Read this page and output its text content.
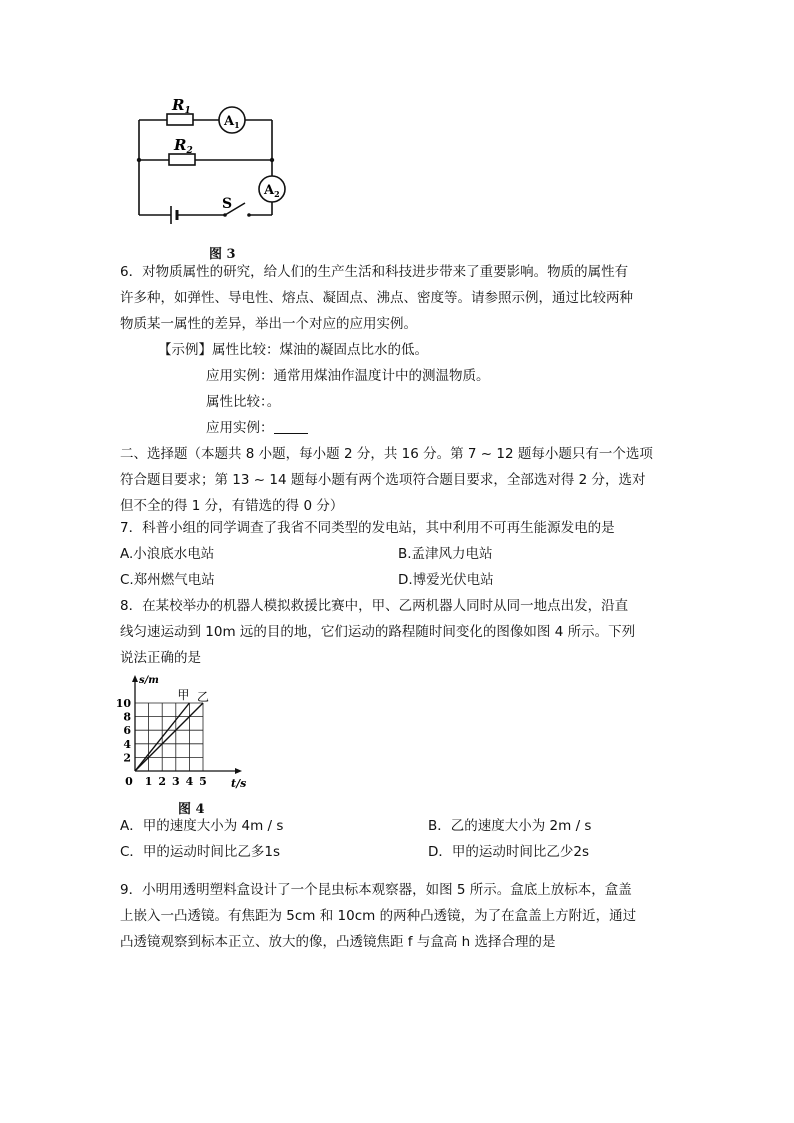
$R_1$
$R_2$
$A_1$
$A_2$
S
图 3
6．对物质属性的研究，给人们的生产生活和科技进步带来了重要影响。物质的属性有
许多种，如弹性、导电性、熔点、凝固点、沸点、密度等。请参照示例，通过比较两种
物质某一属性的差异，举出一个对应的应用实例。
【示例】属性比较：煤油的凝固点比水的低。
应用实例：通常用煤油作温度计中的测温物质。
属性比较：。
应用实例：
二、选择题（本题共 8 小题，每小题 2 分，共 16 分。第 7 ~ 12 题每小题只有一个选项
符合题目要求；第 13 ~ 14 题每小题有两个选项符合题目要求，全部选对得 2 分，选对
但不全的得 1 分，有错选的得 0 分）
7．科普小组的同学调查了我省不同类型的发电站，其中利用不可再生能源发电的是
A.小浪底水电站	B.孟津风力电站
C.郑州燃气电站	D.博爱光伏电站
8．在某校举办的机器人模拟救援比赛中，甲、乙两机器人同时从同一地点出发，沿直
线匀速运动到 10m 远的目的地，它们运动的路程随时间变化的图像如图 4 所示。下列
说法正确的是
甲 乙
10
8
6
4
2
0 1 2 3 4 5
s/m
t/s
图 4
A．甲的速度大小为 4m / s	B．乙的速度大小为 2m / s
C．甲的运动时间比乙多1s	D．甲的运动时间比乙少2s
9．小明用透明塑料盒设计了一个昆虫标本观察器，如图 5 所示。盒底上放标本，盒盖
上嵌入一凸透镜。有焦距为 5cm 和 10cm 的两种凸透镜，为了在盒盖上方附近，通过
凸透镜观察到标本正立、放大的像，凸透镜焦距 f 与盒高 h 选择合理的是
